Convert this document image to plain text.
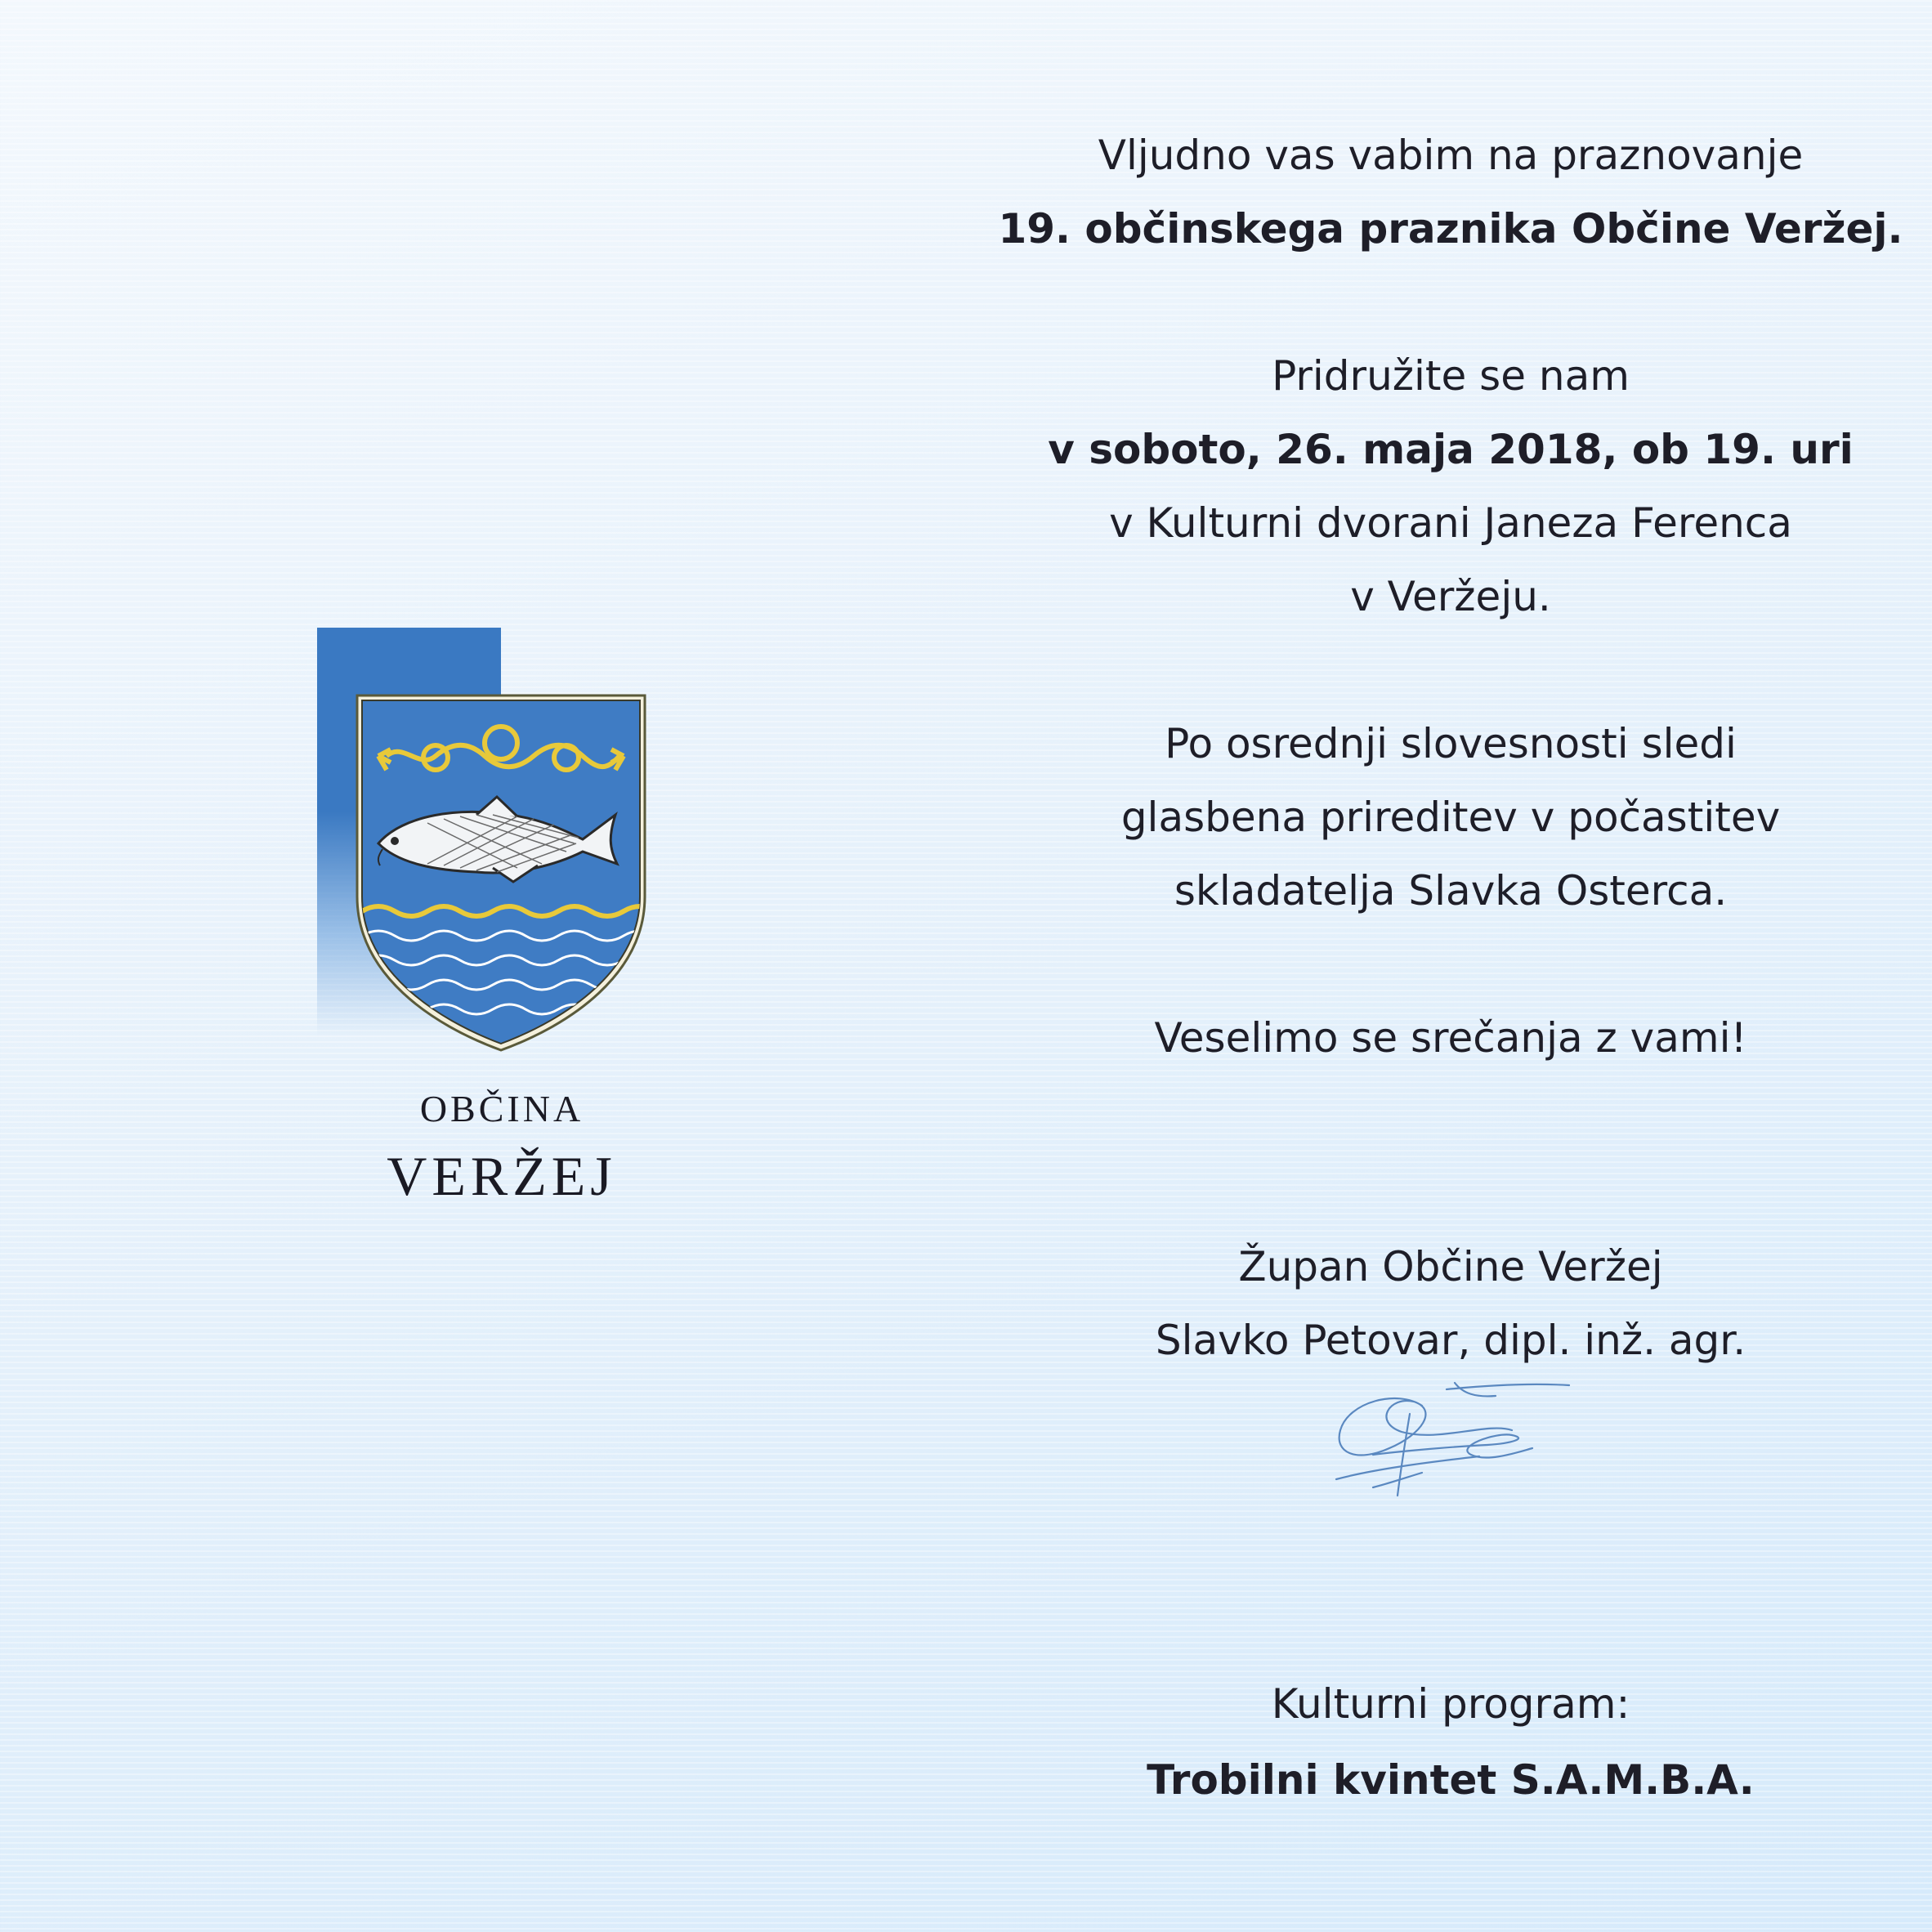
OBČINA
VERŽEJ
Vljudno vas vabim na praznovanje
19. občinskega praznika Občine Veržej.
Pridružite se nam
v soboto, 26. maja 2018, ob 19. uri
v Kulturni dvorani Janeza Ferenca
v Veržeju.
Po osrednji slovesnosti sledi
glasbena prireditev v počastitev
skladatelja Slavka Osterca.
Veselimo se srečanja z vami!
Župan Občine Veržej
Slavko Petovar, dipl. inž. agr.
Kulturni program:
Trobilni kvintet S.A.M.B.A.
